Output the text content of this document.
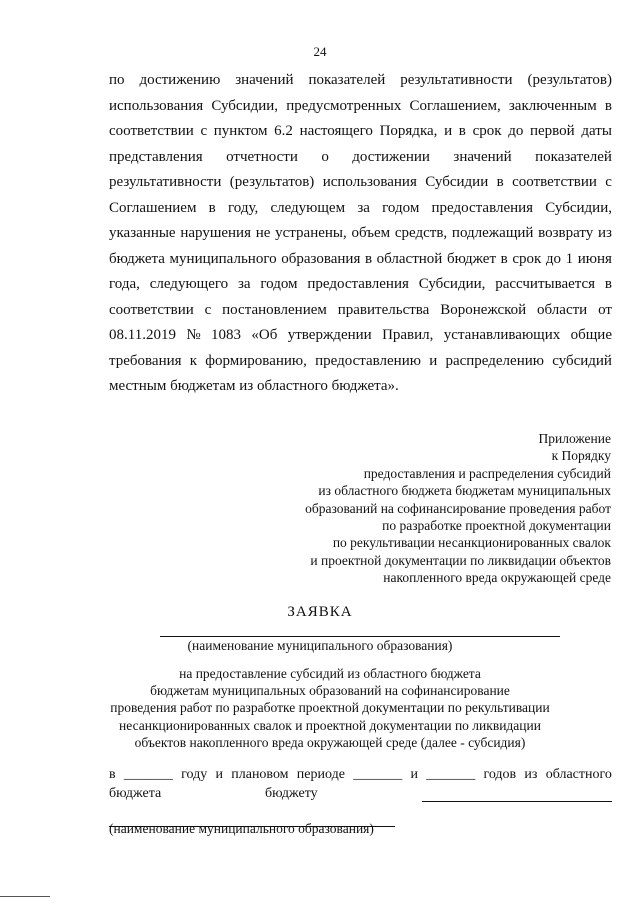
24
по достижению значений показателей результативности (результатов)
использования Субсидии, предусмотренных Соглашением, заключенным в
соответствии с пунктом 6.2 настоящего Порядка, и в срок до первой даты
представления отчетности о достижении значений показателей
результативности (результатов) использования Субсидии в соответствии с
Соглашением в году, следующем за годом предоставления Субсидии,
указанные нарушения не устранены, объем средств, подлежащий возврату из
бюджета муниципального образования в областной бюджет в срок до 1 июня
года, следующего за годом предоставления Субсидии, рассчитывается в
соответствии с постановлением правительства Воронежской области от
08.11.2019 № 1083 «Об утверждении Правил, устанавливающих общие
требования к формированию, предоставлению и распределению субсидий
местным бюджетам из областного бюджета».
Приложение
к Порядку
предоставления и распределения субсидий
из областного бюджета бюджетам муниципальных
образований на софинансирование проведения работ
по разработке проектной документации
по рекультивации несанкционированных свалок
и проектной документации по ликвидации объектов
накопленного вреда окружающей среде
ЗАЯВКА
(наименование муниципального образования)
на предоставление субсидий из областного бюджета
бюджетам муниципальных образований на софинансирование
проведения работ по разработке проектной документации по рекультивации
несанкционированных свалок и проектной документации по ликвидации
объектов накопленного вреда окружающей среде (далее - субсидия)
в _______ году и плановом периоде _______ и _______ годов из областного
бюджета	бюджету
(наименование муниципального образования)
